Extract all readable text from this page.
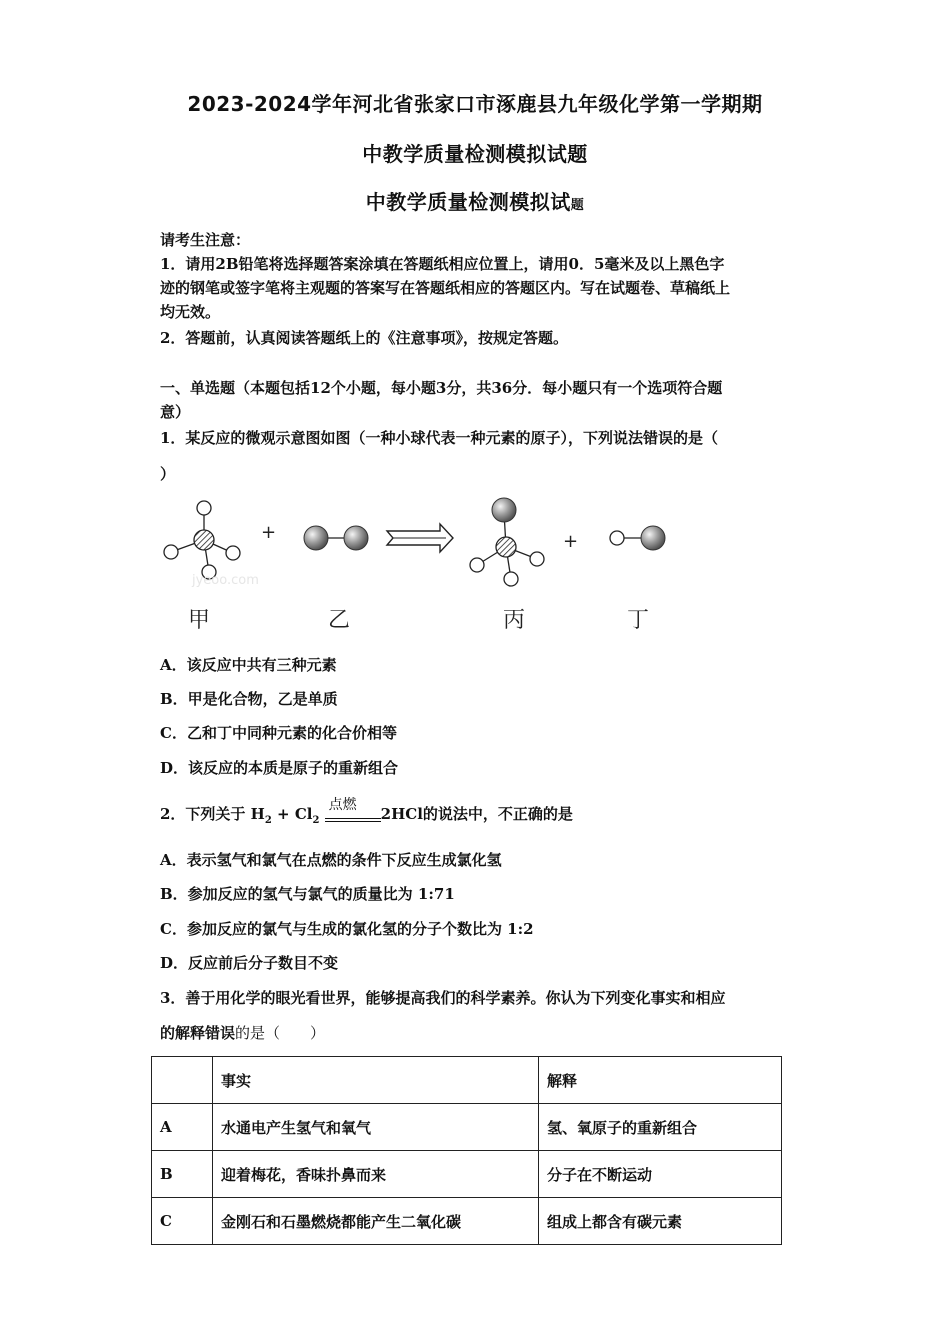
2023-2024学年河北省张家口市涿鹿县九年级化学第一学期期
中教学质量检测模拟试题
中教学质量检测模拟试题
请考生注意：
1．请用2B铅笔将选择题答案涂填在答题纸相应位置上，请用0．5毫米及以上黑色字
迹的钢笔或签字笔将主观题的答案写在答题纸相应的答题区内。写在试题卷、草稿纸上
均无效。
2．答题前，认真阅读答题纸上的《注意事项》，按规定答题。
一、单选题（本题包括12个小题，每小题3分，共36分．每小题只有一个选项符合题
意）
1．某反应的微观示意图如图（一种小球代表一种元素的原子），下列说法错误的是（
）
jyeoo.com
+	+
甲	乙	丙	丁
A．该反应中共有三种元素
B．甲是化合物，乙是单质
C．乙和丁中同种元素的化合价相等
D．该反应的本质是原子的重新组合
2．下列关于 $H_2 + Cl_2$
点燃 2HCl的说法中，不正确的是
A．表示氢气和氯气在点燃的条件下反应生成氯化氢
B．参加反应的氢气与氯气的质量比为 1:71
C．参加反应的氯气与生成的氯化氢的分子个数比为 1:2
D．反应前后分子数目不变
3．善于用化学的眼光看世界，能够提高我们的科学素养。你认为下列变化事实和相应
的解释错误的是（　　）
	事实	解释
A	水通电产生氢气和氧气	氢、氧原子的重新组合
B	迎着梅花，香味扑鼻而来	分子在不断运动
C	金刚石和石墨燃烧都能产生二氧化碳	组成上都含有碳元素
